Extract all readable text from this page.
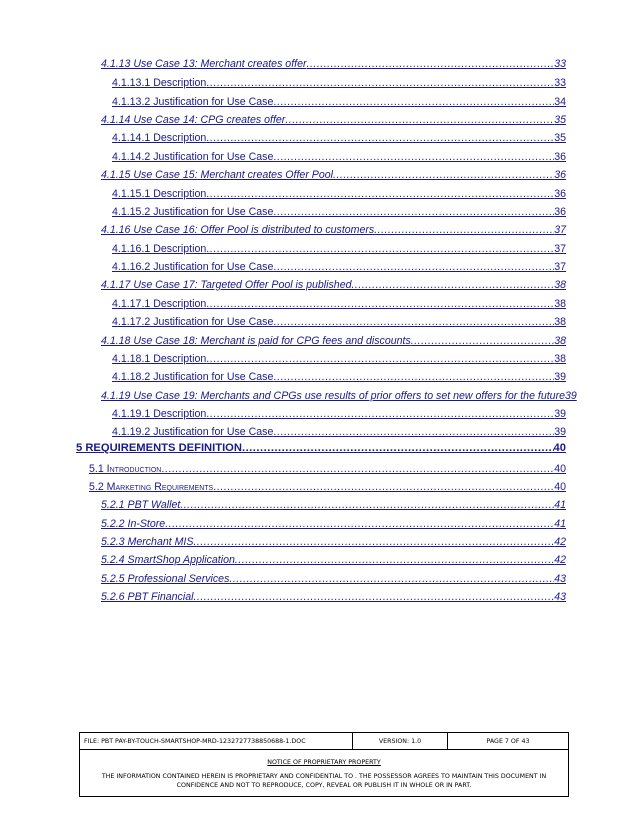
4.1.13 Use Case 13: Merchant creates offer .....	33
4.1.13.1 Description .....	33
4.1.13.2 Justification for Use Case .....	34
4.1.14 Use Case 14: CPG creates offer .....	35
4.1.14.1 Description .....	35
4.1.14.2 Justification for Use Case .....	36
4.1.15 Use Case 15: Merchant creates Offer Pool .....	36
4.1.15.1 Description .....	36
4.1.15.2 Justification for Use Case .....	36
4.1.16 Use Case 16: Offer Pool is distributed to customers .....	37
4.1.16.1 Description .....	37
4.1.16.2 Justification for Use Case .....	37
4.1.17 Use Case 17: Targeted Offer Pool is published .....	38
4.1.17.1 Description .....	38
4.1.17.2 Justification for Use Case .....	38
4.1.18 Use Case 18: Merchant is paid for CPG fees and discounts .....	38
4.1.18.1 Description .....	38
4.1.18.2 Justification for Use Case .....	39
4.1.19 Use Case 19: Merchants and CPGs use results of prior offers to set new offers for the future 39
4.1.19.1 Description .....	39
4.1.19.2 Justification for Use Case .....	39
5 REQUIREMENTS DEFINITION .....	40
5.1 Introduction .....	40
5.2 Marketing Requirements .....	40
5.2.1 PBT Wallet .....	41
5.2.2 In-Store .....	41
5.2.3 Merchant MIS .....	42
5.2.4 SmartShop Application .....	42
5.2.5 Professional Services .....	43
5.2.6 PBT Financial .....	43
FILE: PBT PAY-BY-TOUCH-SMARTSHOP-MRD-1232727738850688-1.DOC	VERSION: 1.0	PAGE 7 OF 43
NOTICE OF PROPRIETARY PROPERTY
THE INFORMATION CONTAINED HEREIN IS PROPRIETARY AND CONFIDENTIAL TO . THE POSSESSOR AGREES TO MAINTAIN THIS DOCUMENT IN CONFIDENCE AND NOT TO REPRODUCE, COPY, REVEAL OR PUBLISH IT IN WHOLE OR IN PART.
